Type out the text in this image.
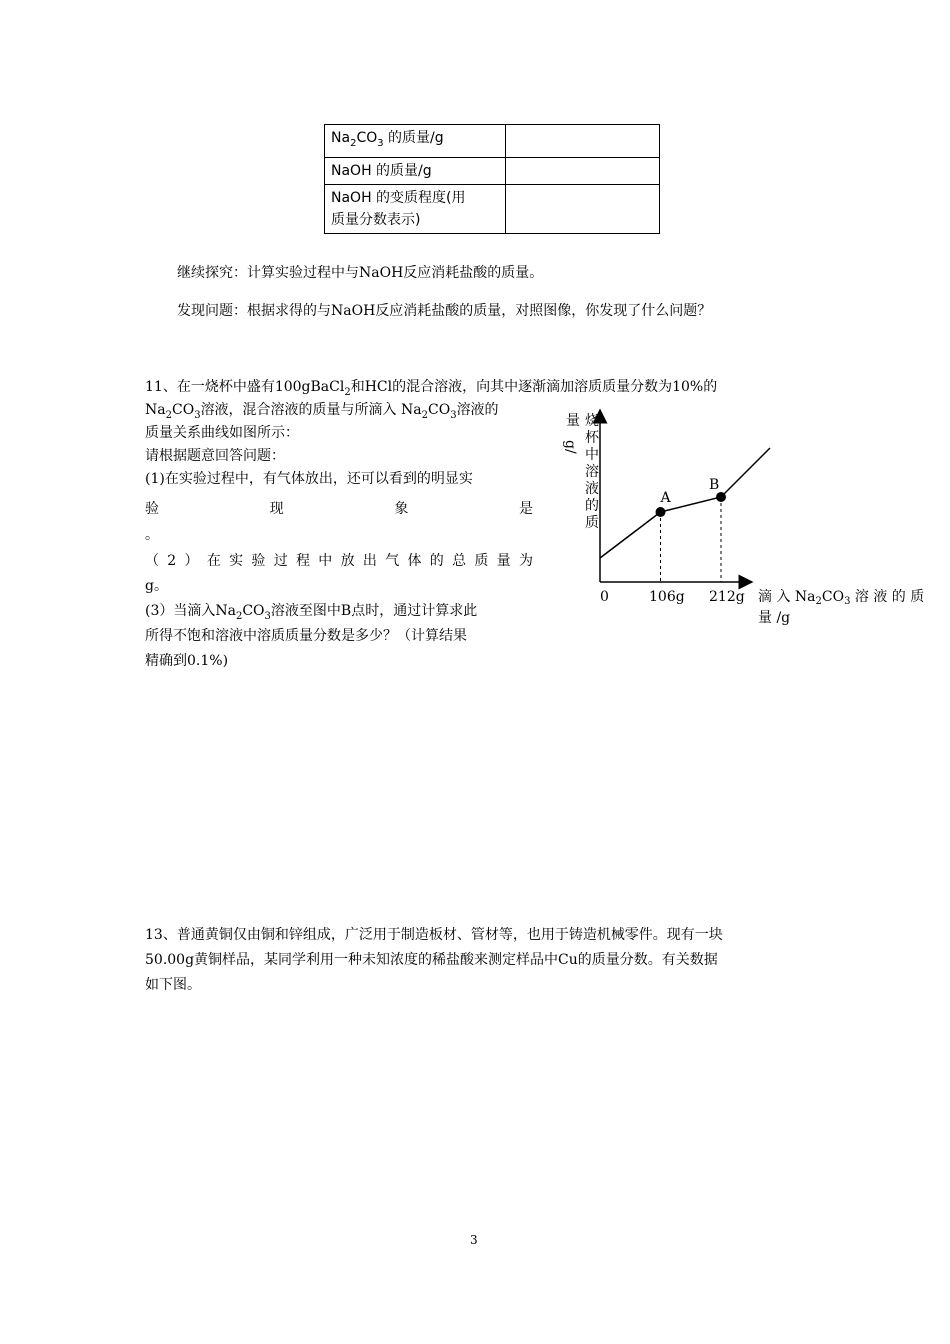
$Na_2CO_3$ 的质量/g	
NaOH 的质量/g	

NaOH 的变质程度(用
质量分数表示)	

继续探究：计算实验过程中与NaOH反应消耗盐酸的质量。
发现问题：根据求得的与NaOH反应消耗盐酸的质量，对照图像，你发现了什么问题？
11、在一烧杯中盛有100gBaCl$_2$和HCl的混合溶液，向其中逐渐滴加溶质质量分数为10%的
$Na_2CO_3$溶液，混合溶液的质量与所滴入 $Na_2CO_3$溶液的
质量关系曲线如图所示：
请根据题意回答问题：
(1)在实验过程中，有气体放出，还可以看到的明显实
验	现	象	是
。
（ 2 ） 在 实 验 过 程 中 放 出 气 体 的 总 质 量 为
g。
(3）当滴入$Na_2CO_3$溶液至图中B点时，通过计算求此
所得不饱和溶液中溶质质量分数是多少？（计算结果
精确到0.1%)
A
B
0	106g 212g 滴 入 $Na_2CO_3$ 溶 液 的 质
量 /g
量
g/
烧
杯
中
溶
液
的
质
13、普通黄铜仅由铜和锌组成，广泛用于制造板材、管材等，也用于铸造机械零件。现有一块
50.00g黄铜样品，某同学利用一种未知浓度的稀盐酸来测定样品中Cu的质量分数。有关数据
如下图。
3
